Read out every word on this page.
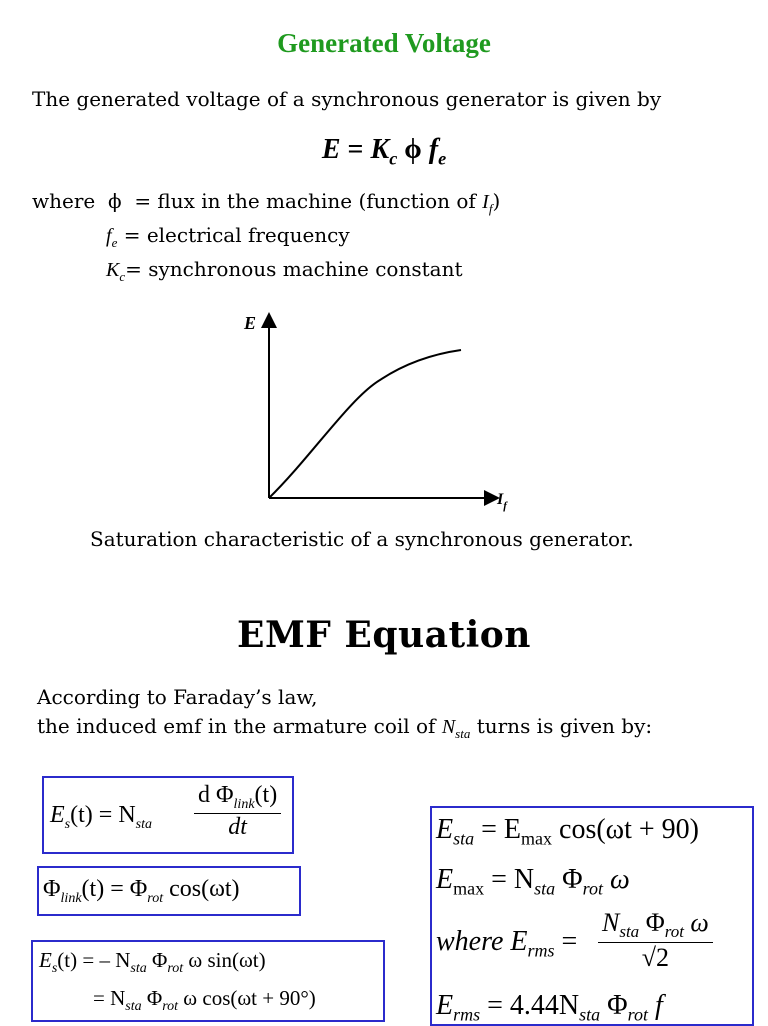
Generated Voltage
The generated voltage of a synchronous generator is given by
$E = K_c$ ϕ $f_e$
where ϕ = flux in the machine (function of $I_f$)
$f_e$ = electrical frequency
$K_c=$ synchronous machine constant
E
$I_f$
Saturation characteristic of a synchronous generator.
EMF Equation
According to Faraday’s law,
the induced emf in the armature coil of $N_{sta}$ turns is given by:
$E_s(t) = N_{sta}$
d $\Phi_{link}(t)$
dt
$\Phi_{link}(t) = \Phi_{rot}$ cos(ωt)
$E_s(t)$ = – $N_{sta}$ $\Phi_{rot}$ ω sin(ωt)
= $N_{sta}$ $\Phi_{rot}$ ω cos(ωt + 90°)
$E_{sta} = E_{max}$ cos(ωt + 90)
$E_{max} = N_{sta}$ $\Phi_{rot}$ ω
where $E_{rms}$ =
$N_{sta}$ $\Phi_{rot}$ ω
√2
$E_{rms} = 4.44N_{sta}$ $\Phi_{rot}$ f
